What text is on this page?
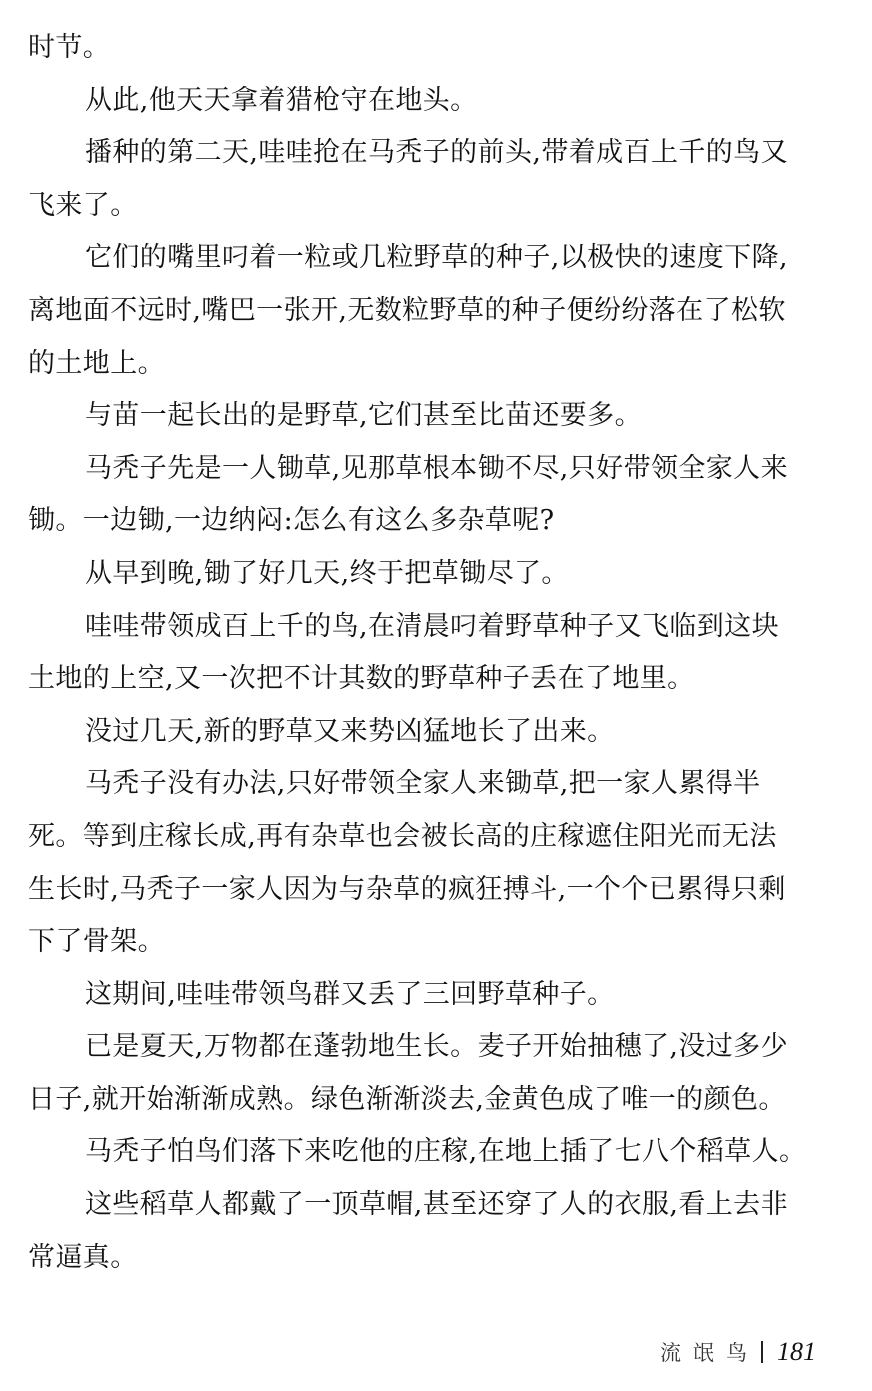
时节。
从此,他天天拿着猎枪守在地头。
播种的第二天,哇哇抢在马秃子的前头,带着成百上千的鸟又
飞来了。
它们的嘴里叼着一粒或几粒野草的种子,以极快的速度下降,
离地面不远时,嘴巴一张开,无数粒野草的种子便纷纷落在了松软
的土地上。
与苗一起长出的是野草,它们甚至比苗还要多。
马秃子先是一人锄草,见那草根本锄不尽,只好带领全家人来
锄。一边锄,一边纳闷:怎么有这么多杂草呢?
从早到晚,锄了好几天,终于把草锄尽了。
哇哇带领成百上千的鸟,在清晨叼着野草种子又飞临到这块
土地的上空,又一次把不计其数的野草种子丢在了地里。
没过几天,新的野草又来势凶猛地长了出来。
马秃子没有办法,只好带领全家人来锄草,把一家人累得半
死。等到庄稼长成,再有杂草也会被长高的庄稼遮住阳光而无法
生长时,马秃子一家人因为与杂草的疯狂搏斗,一个个已累得只剩
下了骨架。
这期间,哇哇带领鸟群又丢了三回野草种子。
已是夏天,万物都在蓬勃地生长。麦子开始抽穗了,没过多少
日子,就开始渐渐成熟。绿色渐渐淡去,金黄色成了唯一的颜色。
马秃子怕鸟们落下来吃他的庄稼,在地上插了七八个稻草人。
这些稻草人都戴了一顶草帽,甚至还穿了人的衣服,看上去非
常逼真。
流氓鸟 181
